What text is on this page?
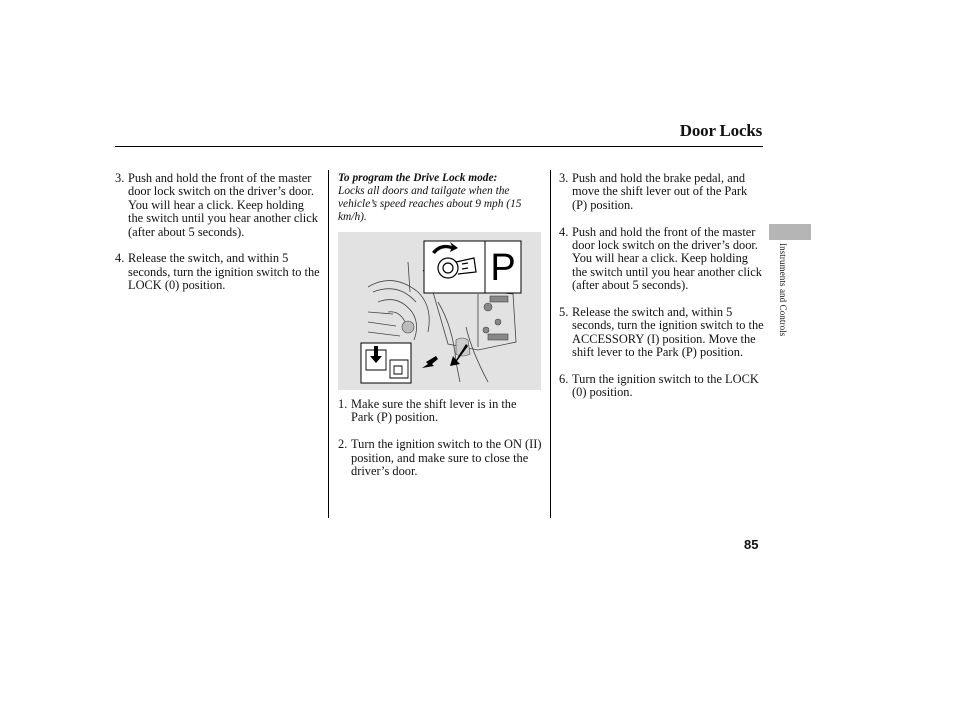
Door Locks
3. Push and hold the front of the master door lock switch on the driver’s door. You will hear a click. Keep holding the switch until you hear another click (after about 5 seconds).
4. Release the switch, and within 5 seconds, turn the ignition switch to the LOCK (0) position.
To program the Drive Lock mode:
Locks all doors and tailgate when the vehicle’s speed reaches about 9 mph (15 km/h).
P
1. Make sure the shift lever is in the Park (P) position.
2. Turn the ignition switch to the ON (II) position, and make sure to close the driver’s door.
3. Push and hold the brake pedal, and move the shift lever out of the Park (P) position.
4. Push and hold the front of the master door lock switch on the driver’s door. You will hear a click. Keep holding the switch until you hear another click (after about 5 seconds).
5. Release the switch and, within 5 seconds, turn the ignition switch to the ACCESSORY (I) position. Move the shift lever to the Park (P) position.
6. Turn the ignition switch to the LOCK (0) position.
Instruments and Controls
85
